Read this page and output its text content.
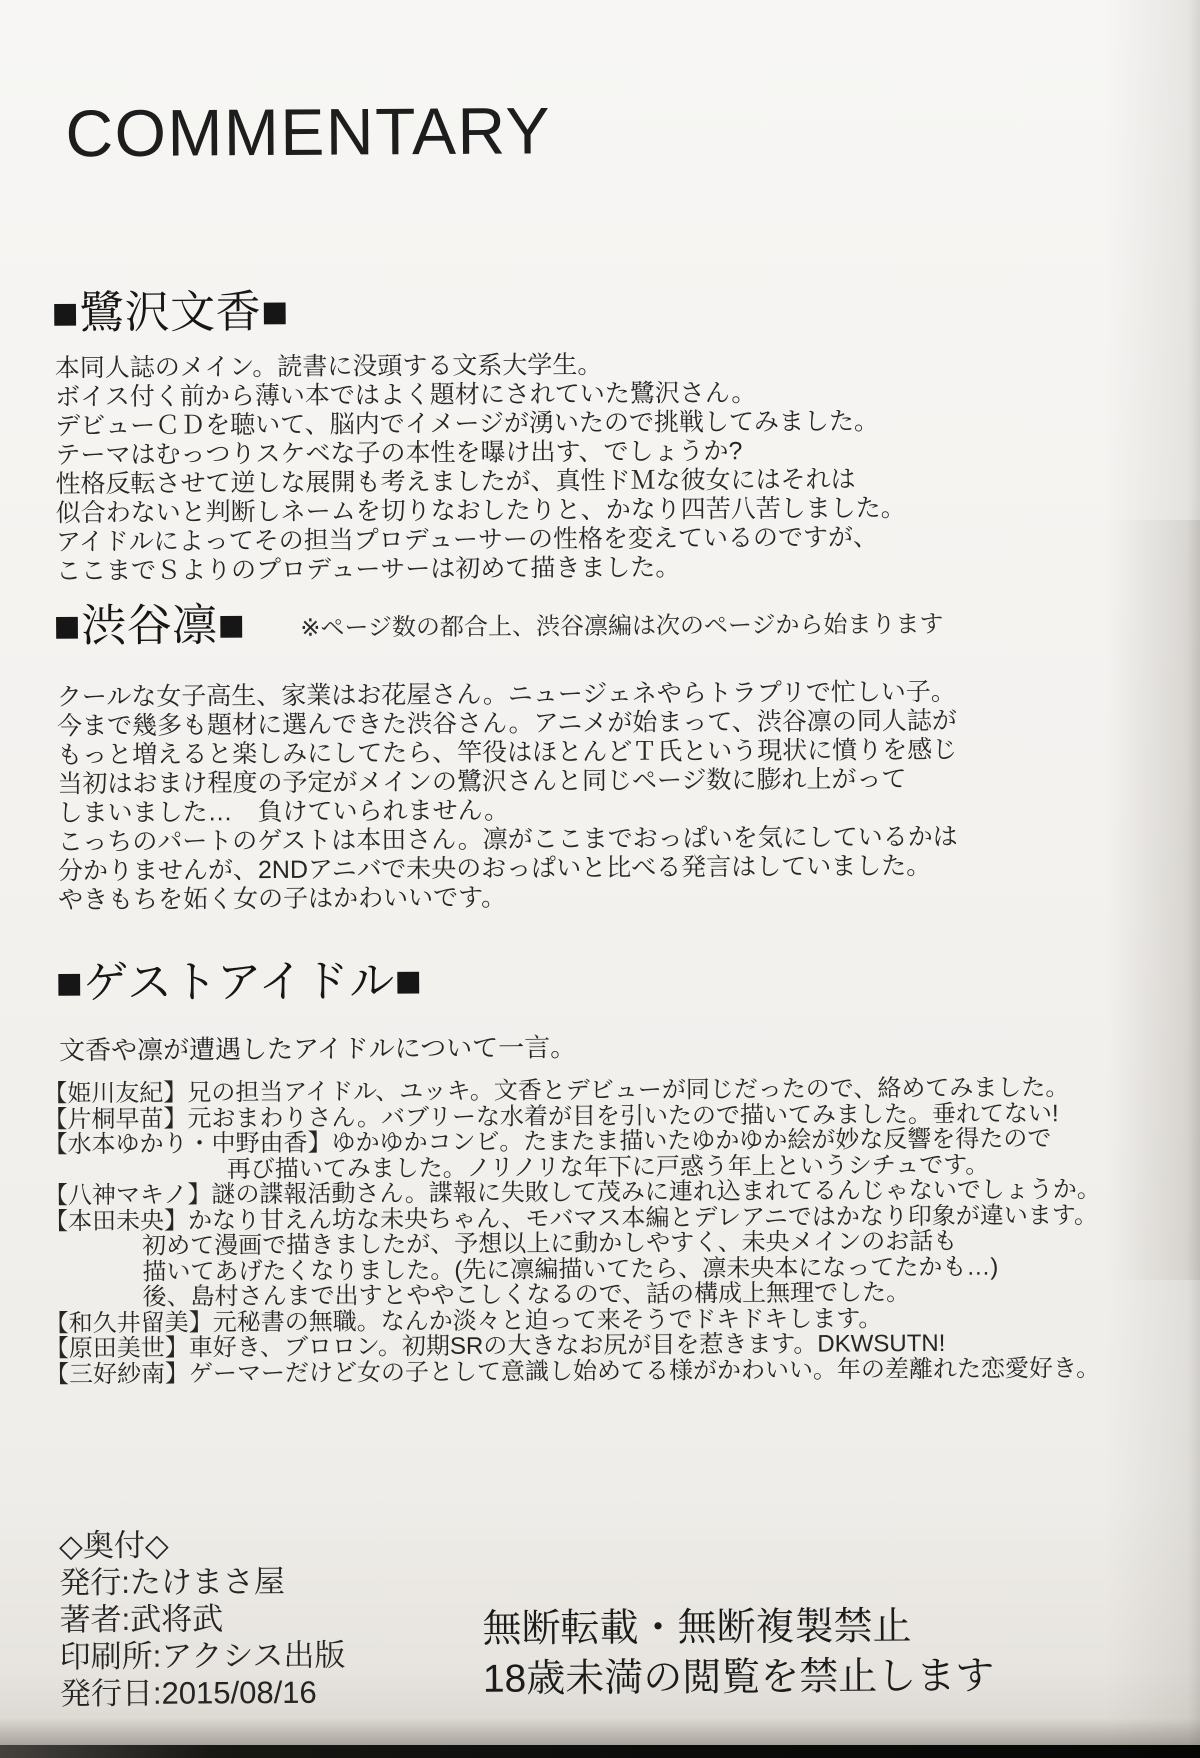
COMMENTARY
■鷺沢文香■

本同人誌のメイン。読書に没頭する文系大学生。
ボイス付く前から薄い本ではよく題材にされていた鷺沢さん。
デビューＣＤを聴いて、脳内でイメージが湧いたので挑戦してみました。
テーマはむっつりスケベな子の本性を曝け出す、でしょうか?
性格反転させて逆しな展開も考えましたが、真性ドＭな彼女にはそれは
似合わないと判断しネームを切りなおしたりと、かなり四苦八苦しました。
アイドルによってその担当プロデューサーの性格を変えているのですが、
ここまでＳよりのプロデューサーは初めて描きました。

■渋谷凛■ ※ページ数の都合上、渋谷凛編は次のページから始まります

クールな女子高生、家業はお花屋さん。ニュージェネやらトラプリで忙しい子。
今まで幾多も題材に選んできた渋谷さん。アニメが始まって、渋谷凛の同人誌が
もっと増えると楽しみにしてたら、竿役はほとんどＴ氏という現状に憤りを感じ
当初はおまけ程度の予定がメインの鷺沢さんと同じページ数に膨れ上がって
しまいました…　負けていられません。
こっちのパートのゲストは本田さん。凛がここまでおっぱいを気にしているかは
分かりませんが、2NDアニバで未央のおっぱいと比べる発言はしていました。
やきもちを妬く女の子はかわいいです。

■ゲストアイドル■
文香や凛が遭遇したアイドルについて一言。
【姫川友紀】兄の担当アイドル、ユッキ。文香とデビューが同じだったので、絡めてみました。
【片桐早苗】元おまわりさん。バブリーな水着が目を引いたので描いてみました。垂れてない!
【水本ゆかり・中野由香】ゆかゆかコンビ。たまたま描いたゆかゆか絵が妙な反響を得たので
再び描いてみました。ノリノリな年下に戸惑う年上というシチュです。
【八神マキノ】謎の諜報活動さん。諜報に失敗して茂みに連れ込まれてるんじゃないでしょうか。
【本田未央】かなり甘えん坊な未央ちゃん、モバマス本編とデレアニではかなり印象が違います。
初めて漫画で描きましたが、予想以上に動かしやすく、未央メインのお話も
描いてあげたくなりました。(先に凛編描いてたら、凛未央本になってたかも…)
後、島村さんまで出すとややこしくなるので、話の構成上無理でした。
【和久井留美】元秘書の無職。なんか淡々と迫って来そうでドキドキします。
【原田美世】車好き、ブロロン。初期SRの大きなお尻が目を惹きます。DKWSUTN!
【三好紗南】ゲーマーだけど女の子として意識し始めてる様がかわいい。年の差離れた恋愛好き。
◇奥付◇
発行:たけまさ屋
著者:武将武
印刷所:アクシス出版
発行日:2015/08/16
無断転載・無断複製禁止
18歳未満の閲覧を禁止します
